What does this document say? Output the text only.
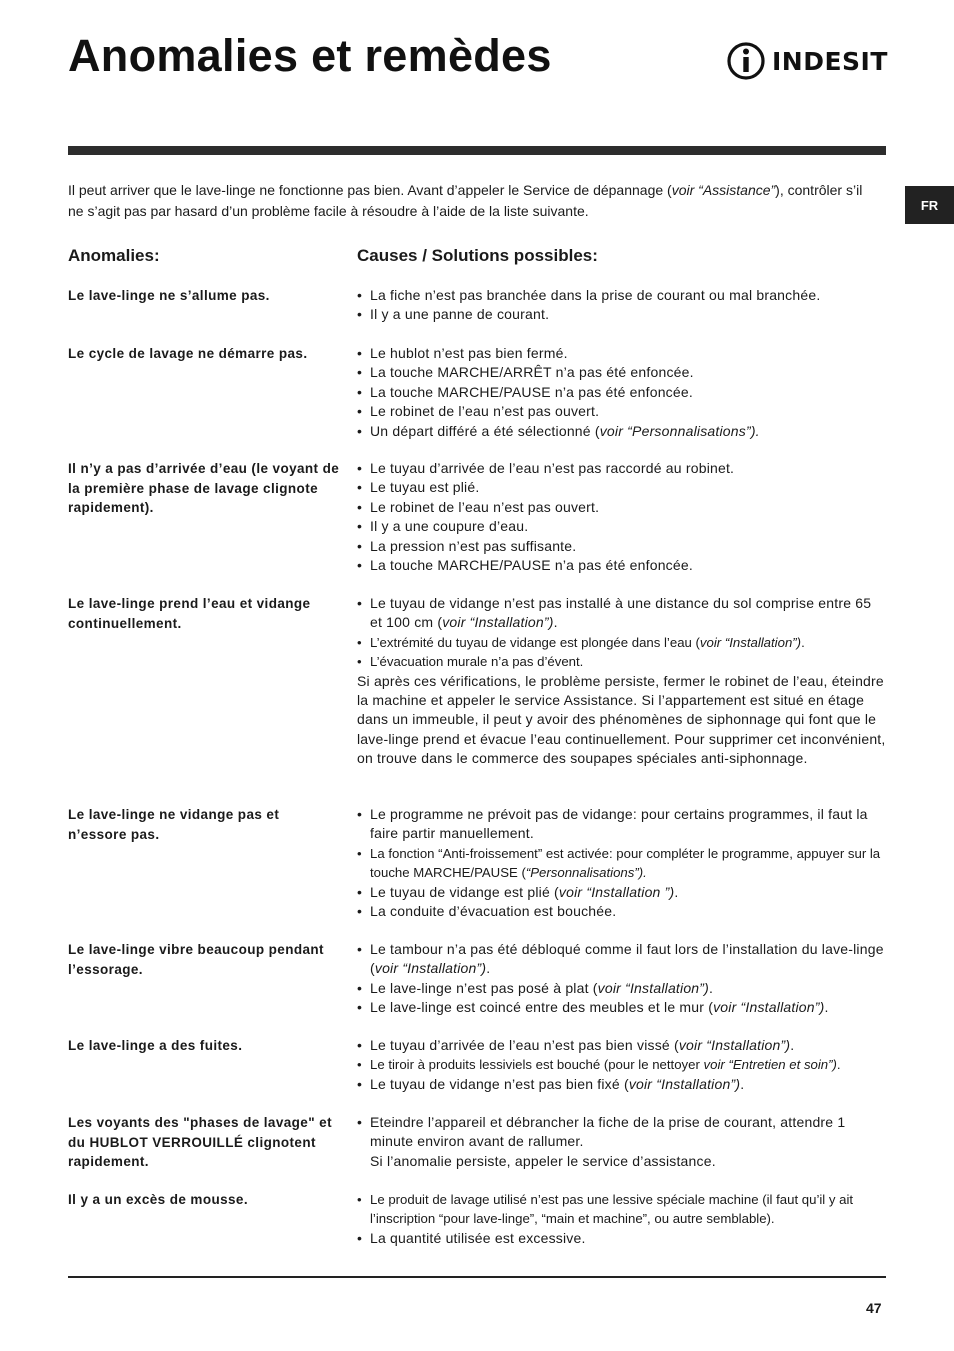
Anomalies et remèdes	INDESIT
FR

Il peut arriver que le lave-linge ne fonctionne pas bien. Avant d’appeler le Service de dépannage (voir “Assistance”), contrôler s’il ne s’agit pas par hasard d’un problème facile à résoudre à l’aide de la liste suivante.

Anomalies:	Causes / Solutions possibles:
Le lave-linge ne s’allume pas.	• La fiche n’est pas branchée dans la prise de courant ou mal branchée.
• Il y a une panne de courant.
Le cycle de lavage ne démarre pas.	• Le hublot n’est pas bien fermé.
• La touche MARCHE/ARRÊT n’a pas été enfoncée.
• La touche MARCHE/PAUSE n’a pas été enfoncée.
• Le robinet de l’eau n’est pas ouvert.
• Un départ différé a été sélectionné (voir “Personnalisations”).
Il n’y a pas d’arrivée d’eau (le voyant de la première phase de lavage clignote rapidement).
• Le tuyau d’arrivée de l’eau n’est pas raccordé au robinet.
• Le tuyau est plié.
• Le robinet de l’eau n’est pas ouvert.
• Il y a une coupure d’eau.
• La pression n’est pas suffisante.
• La touche MARCHE/PAUSE n’a pas été enfoncée.
Le lave-linge prend l’eau et vidange continuellement.
• Le tuyau de vidange n’est pas installé à une distance du sol comprise entre 65 et 100 cm (voir “Installation”).
• L’extrémité du tuyau de vidange est plongée dans l’eau (voir “Installation”).
• L’évacuation murale n’a pas d’évent.

Si après ces vérifications, le problème persiste, fermer le robinet de l’eau, éteindre la machine et appeler le service Assistance. Si l’appartement est situé en étage dans un immeuble, il peut y avoir des phénomènes de siphonnage qui font que le lave-linge prend et évacue l’eau continuellement. Pour supprimer cet inconvénient, on trouve dans le commerce des soupapes spéciales anti-siphonnage.

Le lave-linge ne vidange pas et n’essore pas.
• Le programme ne prévoit pas de vidange: pour certains programmes, il faut la faire partir manuellement.
• La fonction “Anti-froissement” est activée: pour compléter le programme, appuyer sur la touche MARCHE/PAUSE (“Personnalisations”).
• Le tuyau de vidange est plié (voir “Installation ”).
• La conduite d’évacuation est bouchée.
Le lave-linge vibre beaucoup pendant l’essorage.
• Le tambour n’a pas été débloqué comme il faut lors de l’installation du lave-linge (voir “Installation”).
• Le lave-linge n’est pas posé à plat (voir “Installation”).
• Le lave-linge est coincé entre des meubles et le mur (voir “Installation”).
Le lave-linge a des fuites.	• Le tuyau d’arrivée de l’eau n’est pas bien vissé (voir “Installation”).
• Le tiroir à produits lessiviels est bouché (pour le nettoyer voir “Entretien et soin”).
• Le tuyau de vidange n’est pas bien fixé (voir “Installation”).
Les voyants des "phases de lavage" et du HUBLOT VERROUILLÉ clignotent rapidement.
• Eteindre l’appareil et débrancher la fiche de la prise de courant, attendre 1 minute environ avant de rallumer.

Si l’anomalie persiste, appeler le service d’assistance.

Il y a un excès de mousse.	• Le produit de lavage utilisé n’est pas une lessive spéciale machine (il faut qu’il y ait l’inscription “pour lave-linge”, “main et machine”, ou autre semblable).
• La quantité utilisée est excessive.
47
